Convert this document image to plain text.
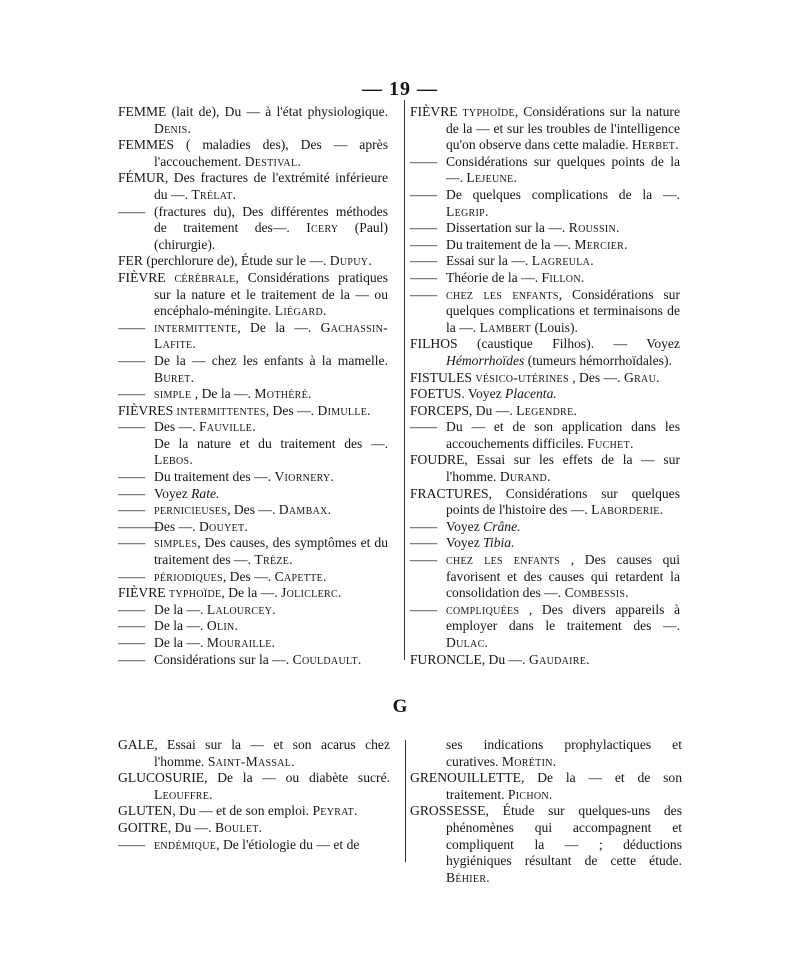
— 19 —
FEMME (lait de), Du — à l'état physiologique. Denis.
FEMMES ( maladies des), Des — après l'accouchement. Destival.
FÉMUR, Des fractures de l'extrémité inférieure du —. Trélat.
—— (fractures du), Des différentes méthodes de traitement des—. Icery (Paul) (chirurgie).
FER (perchlorure de), Étude sur le —. Dupuy.
FIÈVRE cérébrale, Considérations pratiques sur la nature et le traitement de la — ou encéphalo-méningite. Liégard.
—— intermittente, De la —. Gachassin-Lafite.
—— De la — chez les enfants à la mamelle. Buret.
—— simple , De la —. Mothéré.
FIÈVRES intermittentes, Des —. Dimulle.
—— Des —. Fauville.
De la nature et du traitement des —. Lebos.
—— Du traitement des —. Viornery.
—— Voyez Rate.
—— pernicieuses, Des —. Dambax.
———
Des —. Douyet.
—— simples, Des causes, des symptômes et du traitement des —. Trèze.
—— périodiques, Des —. Capette.
FIÈVRE typhoïde, De la —. Joliclerc.
—— De la —. Lalourcey.
—— De la —. Olin.
—— De la —. Mouraille.
—— Considérations sur la —. Couldault.
FIÈVRE typhoïde, Considérations sur la nature de la — et sur les troubles de l'intelligence qu'on observe dans cette maladie. Herbet.
—— Considérations sur quelques points de la —. Lejeune.
—— De quelques complications de la —. Legrip.
—— Dissertation sur la —. Roussin.
—— Du traitement de la —. Mercier.
—— Essai sur la —. Lagreula.
—— Théorie de la —. Fillon.
—— chez les enfants, Considérations sur quelques complications et terminaisons de la —. Lambert (Louis).
FILHOS (caustique Filhos). — Voyez Hémorrhoïdes (tumeurs hémorrhoïdales).
FISTULES vésico-utérines , Des —. Grau.
FOETUS. Voyez Placenta.
FORCEPS, Du —. Legendre.
—— Du — et de son application dans les accouchements difficiles. Fuchet.
FOUDRE, Essai sur les effets de la — sur l'homme. Durand.
FRACTURES, Considérations sur quelques points de l'histoire des —. Laborderie.
—— Voyez Crâne.
—— Voyez Tibia.
—— chez les enfants , Des causes qui favorisent et des causes qui retardent la consolidation des —. Combessis.
—— compliquées , Des divers appareils à employer dans le traitement des —. Dulac.
FURONCLE, Du —. Gaudaire.
G
GALE, Essai sur la — et son acarus chez l'homme. Saint-Massal.
GLUCOSURIE, De la — ou diabète sucré. Leouffre.
GLUTEN, Du — et de son emploi. Peyrat.
GOITRE, Du —. Boulet.
—— endémique, De l'étiologie du — et de
ses indications prophylactiques et curatives. Morétin.
GRENOUILLETTE, De la — et de son traitement. Pichon.
GROSSESSE, Étude sur quelques-uns des phénomènes qui accompagnent et compliquent la — ; déductions hygiéniques résultant de cette étude. Béhier.
